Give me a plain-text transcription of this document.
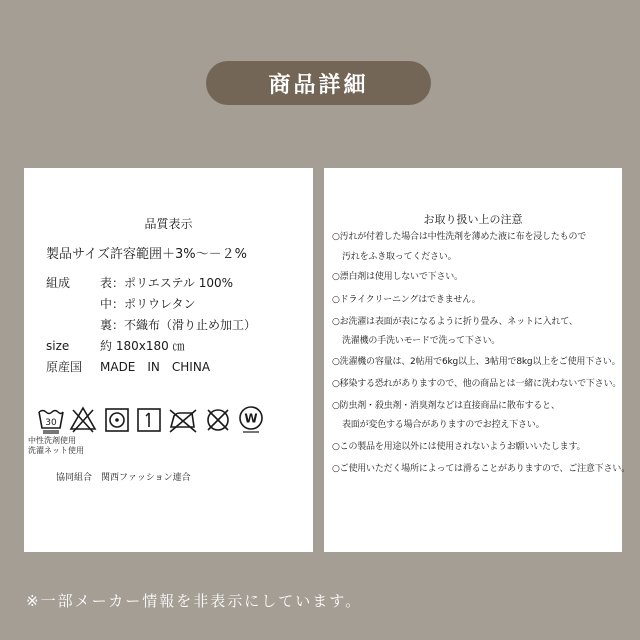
商品詳細
品質表示
製品サイズ許容範囲＋3%〜－２%
組成 表：ポリエステル 100%
中：ポリウレタン
裏：不織布（滑り止め加工）
size	約 180x180 ㎝
原産国 MADE　IN　CHINA
30	W
中性洗剤使用
洗濯ネット使用
協同組合　関西ファッション連合
お取り扱い上の注意
○汚れが付着した場合は中性洗剤を薄めた液に布を浸したもので
汚れをふき取ってください。
○漂白剤は使用しないで下さい。
○ドライクリーニングはできません。
○お洗濯は表面が表になるように折り畳み、ネットに入れて、
洗濯機の手洗いモードで洗って下さい。
○洗濯機の容量は、2帖用で6kg以上、3帖用で8kg以上をご使用下さい。
○移染する恐れがありますので、他の商品とは一緒に洗わないで下さい。
○防虫剤・殺虫剤・消臭剤などは直接商品に散布すると、
表面が変色する場合がありますのでお控え下さい。
○この製品を用途以外には使用されないようお願いいたします。
○ご使用いただく場所によっては滑ることがありますので、ご注意下さい。
※一部メーカー情報を非表示にしています。
